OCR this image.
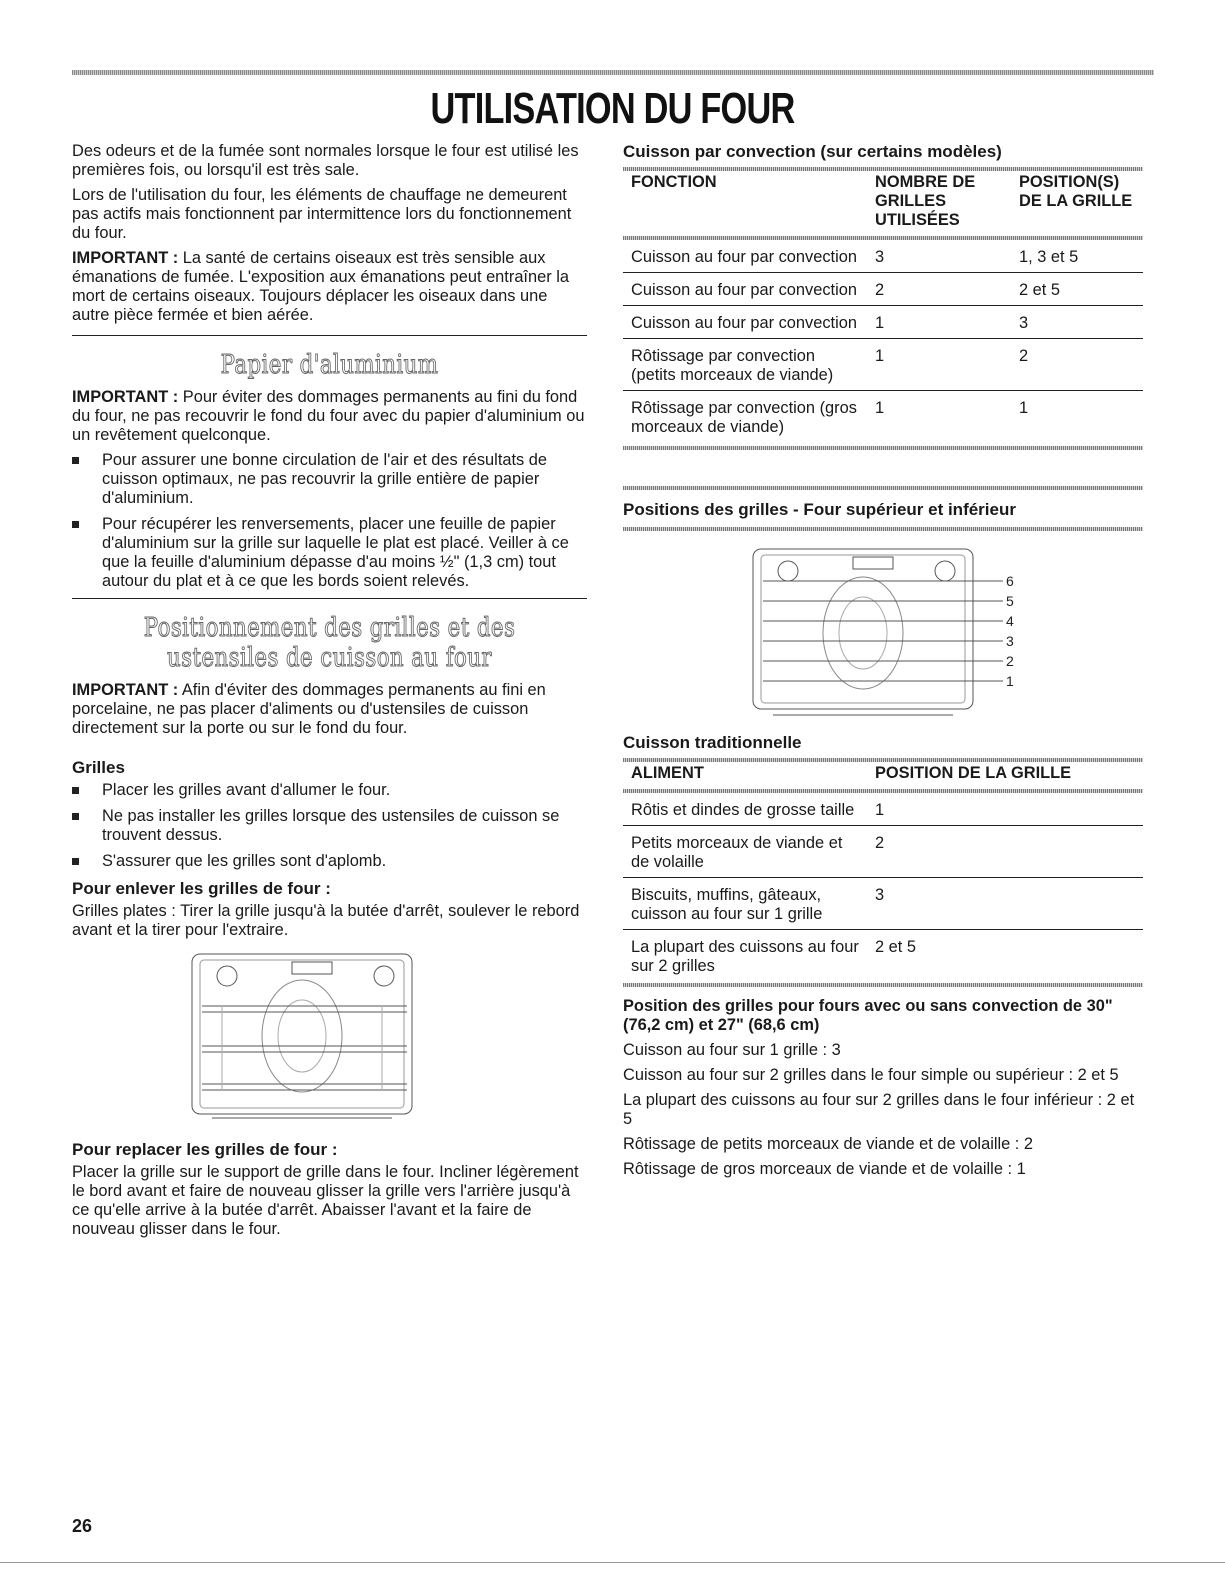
UTILISATION DU FOUR

Des odeurs et de la fumée sont normales lorsque le four est utilisé les premières fois, ou lorsqu'il est très sale.

Lors de l'utilisation du four, les éléments de chauffage ne demeurent pas actifs mais fonctionnent par intermittence lors du fonctionnement du four.

IMPORTANT : La santé de certains oiseaux est très sensible aux émanations de fumée. L'exposition aux émanations peut entraîner la mort de certains oiseaux. Toujours déplacer les oiseaux dans une autre pièce fermée et bien aérée.

Papier d'aluminium

IMPORTANT : Pour éviter des dommages permanents au fini du fond du four, ne pas recouvrir le fond du four avec du papier d'aluminium ou un revêtement quelconque.

Pour assurer une bonne circulation de l'air et des résultats de cuisson optimaux, ne pas recouvrir la grille entière de papier d'aluminium.
Pour récupérer les renversements, placer une feuille de papier d'aluminium sur la grille sur laquelle le plat est placé. Veiller à ce que la feuille d'aluminium dépasse d'au moins ½" (1,3 cm) tout autour du plat et à ce que les bords soient relevés.
Positionnement des grilles et des ustensiles de cuisson au four

IMPORTANT : Afin d'éviter des dommages permanents au fini en porcelaine, ne pas placer d'aliments ou d'ustensiles de cuisson directement sur la porte ou sur le fond du four.

Grilles
Placer les grilles avant d'allumer le four.
Ne pas installer les grilles lorsque des ustensiles de cuisson se trouvent dessus.
S'assurer que les grilles sont d'aplomb.
Pour enlever les grilles de four :

Grilles plates : Tirer la grille jusqu'à la butée d'arrêt, soulever le rebord avant et la tirer pour l'extraire.

Pour replacer les grilles de four :

Placer la grille sur le support de grille dans le four. Incliner légèrement le bord avant et faire de nouveau glisser la grille vers l'arrière jusqu'à ce qu'elle arrive à la butée d'arrêt. Abaisser l'avant et la faire de nouveau glisser dans le four.

Cuisson par convection (sur certains modèles)
FONCTION	NOMBRE DE GRILLES UTILISÉES	POSITION(S) DE LA GRILLE
Cuisson au four par convection	3	1, 3 et 5
Cuisson au four par convection	2	2 et 5
Cuisson au four par convection	1	3
Rôtissage par convection (petits morceaux de viande)	1	2
Rôtissage par convection (gros morceaux de viande)	1	1
Positions des grilles - Four supérieur et inférieur
6
5
4
3
2
1
Cuisson traditionnelle
ALIMENT	POSITION DE LA GRILLE
Rôtis et dindes de grosse taille	1
Petits morceaux de viande et de volaille	2
Biscuits, muffins, gâteaux, cuisson au four sur 1 grille	3
La plupart des cuissons au four sur 2 grilles	2 et 5
Position des grilles pour fours avec ou sans convection de 30" (76,2 cm) et 27" (68,6 cm)

Cuisson au four sur 1 grille : 3

Cuisson au four sur 2 grilles dans le four simple ou supérieur : 2 et 5

La plupart des cuissons au four sur 2 grilles dans le four inférieur : 2 et 5

Rôtissage de petits morceaux de viande et de volaille : 2

Rôtissage de gros morceaux de viande et de volaille : 1

26
